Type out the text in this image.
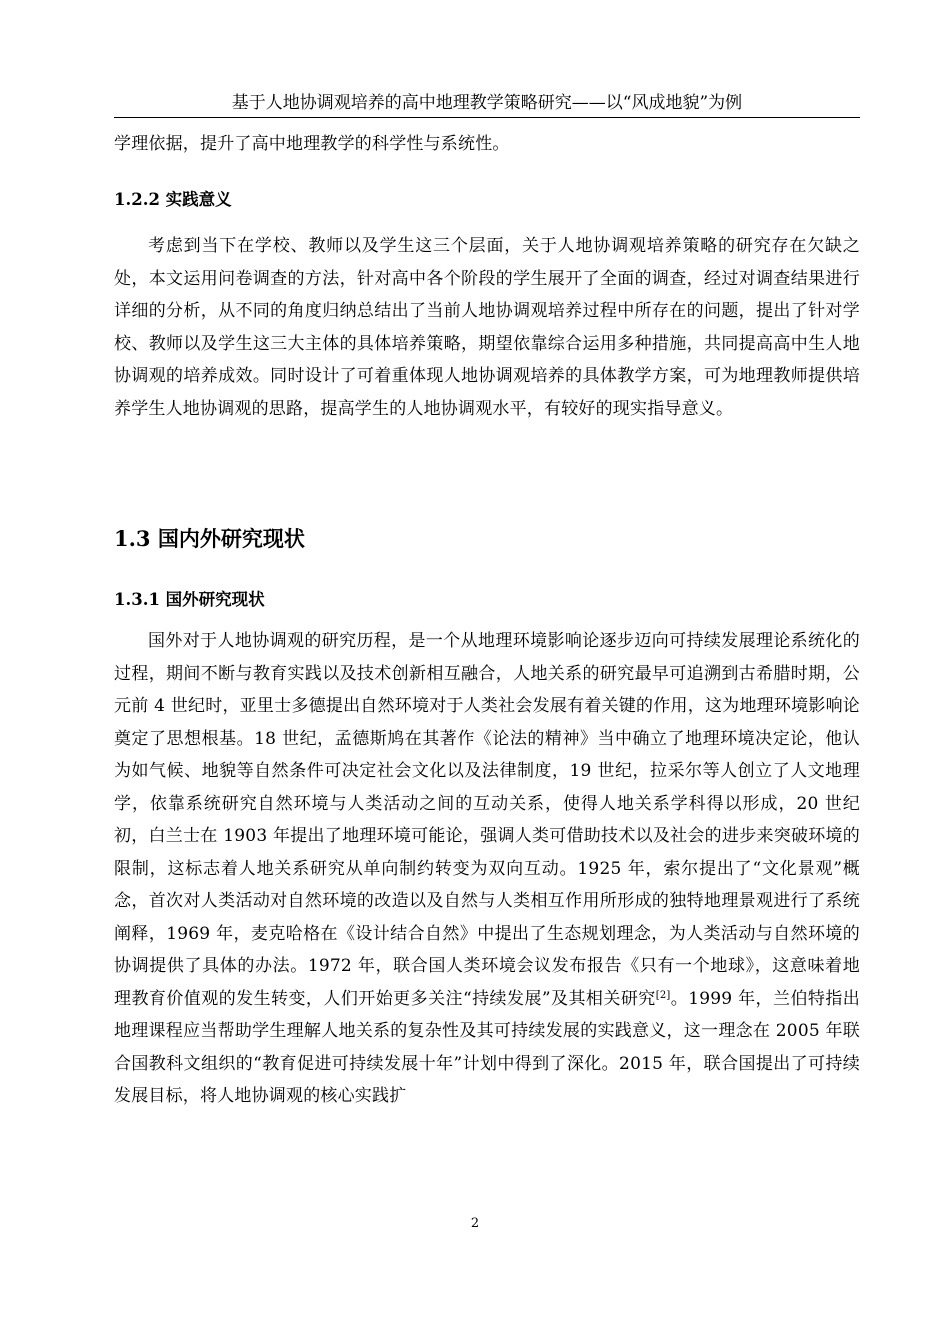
基于人地协调观培养的高中地理教学策略研究——以“风成地貌”为例

学理依据，提升了高中地理教学的科学性与系统性。

1.2.2 实践意义

考虑到当下在学校、教师以及学生这三个层面，关于人地协调观培养策略的研究存在欠缺之处，本文运用问卷调查的方法，针对高中各个阶段的学生展开了全面的调查，经过对调查结果进行详细的分析，从不同的角度归纳总结出了当前人地协调观培养过程中所存在的问题，提出了针对学校、教师以及学生这三大主体的具体培养策略，期望依靠综合运用多种措施，共同提高高中生人地协调观的培养成效。同时设计了可着重体现人地协调观培养的具体教学方案，可为地理教师提供培养学生人地协调观的思路，提高学生的人地协调观水平，有较好的现实指导意义。

1.3 国内外研究现状
1.3.1 国外研究现状

国外对于人地协调观的研究历程，是一个从地理环境影响论逐步迈向可持续发展理论系统化的过程，期间不断与教育实践以及技术创新相互融合，人地关系的研究最早可追溯到古希腊时期，公元前 4 世纪时，亚里士多德提出自然环境对于人类社会发展有着关键的作用，这为地理环境影响论奠定了思想根基。18 世纪，孟德斯鸠在其著作《论法的精神》当中确立了地理环境决定论，他认为如气候、地貌等自然条件可决定社会文化以及法律制度，19 世纪，拉采尔等人创立了人文地理学，依靠系统研究自然环境与人类活动之间的互动关系，使得人地关系学科得以形成，20 世纪初，白兰士在 1903 年提出了地理环境可能论，强调人类可借助技术以及社会的进步来突破环境的限制，这标志着人地关系研究从单向制约转变为双向互动。1925 年，索尔提出了“文化景观”概念，首次对人类活动对自然环境的改造以及自然与人类相互作用所形成的独特地理景观进行了系统阐释，1969 年，麦克哈格在《设计结合自然》中提出了生态规划理念，为人类活动与自然环境的协调提供了具体的办法。1972 年，联合国人类环境会议发布报告《只有一个地球》，这意味着地理教育价值观的发生转变，人们开始更多关注“持续发展”及其相关研究[2]。1999 年，兰伯特指出地理课程应当帮助学生理解人地关系的复杂性及其可持续发展的实践意义，这一理念在 2005 年联合国教科文组织的“教育促进可持续发展十年”计划中得到了深化。2015 年，联合国提出了可持续发展目标，将人地协调观的核心实践扩

2
